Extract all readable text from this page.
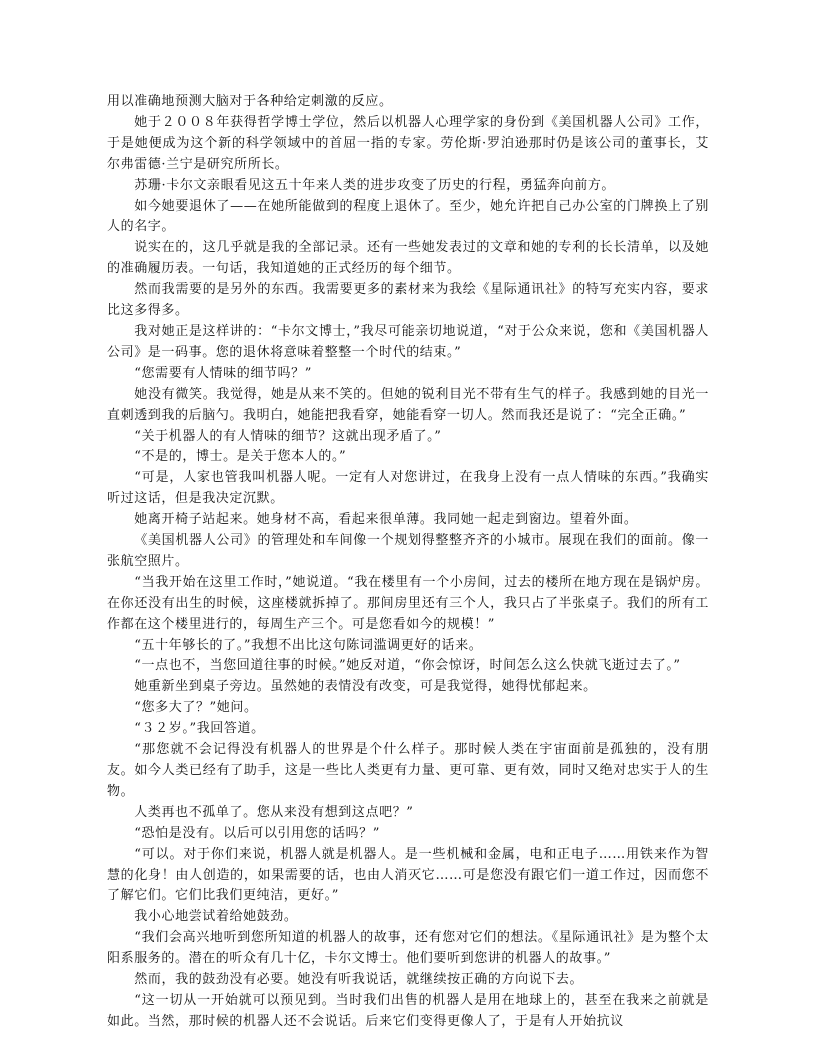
用以准确地预测大脑对于各种给定刺激的反应。

她于２００８年获得哲学博士学位，然后以机器人心理学家的身份到《美国机器人公司》工作，于是她便成为这个新的科学领域中的首屈一指的专家。劳伦斯·罗泊逊那时仍是该公司的董事长，艾尔弗雷德·兰宁是研究所所长。

苏珊·卡尔文亲眼看见这五十年来人类的进步攻变了历史的行程，勇猛奔向前方。

如今她要退休了——在她所能做到的程度上退休了。至少，她允许把自己办公室的门牌换上了别人的名字。

说实在的，这几乎就是我的全部记录。还有一些她发表过的文章和她的专利的长长清单，以及她的准确履历表。一句话，我知道她的正式经历的每个细节。

然而我需要的是另外的东西。我需要更多的素材来为我绘《星际通讯社》的特写充实内容，要求比这多得多。

我对她正是这样讲的：“卡尔文博士，”我尽可能亲切地说道，“对于公众来说，您和《美国机器人公司》是一码事。您的退休将意味着整整一个时代的结束。”

“您需要有人情味的细节吗？”

她没有微笑。我觉得，她是从来不笑的。但她的锐利目光不带有生气的样子。我感到她的目光一直刺透到我的后脑勺。我明白，她能把我看穿，她能看穿一切人。然而我还是说了：“完全正确。”

“关于机器人的有人情味的细节？这就出现矛盾了。”

“不是的，博士。是关于您本人的。”

“可是，人家也管我叫机器人呢。一定有人对您讲过，在我身上没有一点人情味的东西。”我确实听过这话，但是我决定沉默。

她离开椅子站起来。她身材不高，看起来很单薄。我同她一起走到窗边。望着外面。

《美国机器人公司》的管理处和车间像一个规划得整整齐齐的小城市。展现在我们的面前。像一张航空照片。

“当我开始在这里工作时，”她说道。“我在楼里有一个小房间，过去的楼所在地方现在是锅炉房。在你还没有出生的时候，这座楼就拆掉了。那间房里还有三个人，我只占了半张桌子。我们的所有工作都在这个楼里进行的，每周生产三个。可是您看如今的规模！”

“五十年够长的了。”我想不出比这句陈词滥调更好的话来。

“一点也不，当您回道往事的时候。”她反对道，“你会惊讶，时间怎么这么快就飞逝过去了。”

她重新坐到桌子旁边。虽然她的表情没有改变，可是我觉得，她得忧郁起来。

“您多大了？”她问。

“３２岁。”我回答道。

“那您就不会记得没有机器人的世界是个什么样子。那时候人类在宇宙面前是孤独的，没有朋友。如今人类已经有了助手，这是一些比人类更有力量、更可靠、更有效，同时又绝对忠实于人的生物。

人类再也不孤单了。您从来没有想到这点吧？”

“恐怕是没有。以后可以引用您的话吗？”

“可以。对于你们来说，机器人就是机器人。是一些机械和金属，电和正电子……用铁来作为智慧的化身！由人创造的，如果需要的话，也由人消灭它……可是您没有跟它们一道工作过，因而您不了解它们。它们比我们更纯洁，更好。”

我小心地尝试着给她鼓劲。

“我们会高兴地听到您所知道的机器人的故事，还有您对它们的想法。《星际通讯社》是为整个太阳系服务的。潜在的听众有几十亿，卡尔文博士。他们要听到您讲的机器人的故事。”

然而，我的鼓劲没有必要。她没有听我说话，就继续按正确的方向说下去。

“这一切从一开始就可以预见到。当时我们出售的机器人是用在地球上的，甚至在我来之前就是如此。当然，那时候的机器人还不会说话。后来它们变得更像人了，于是有人开始抗议
